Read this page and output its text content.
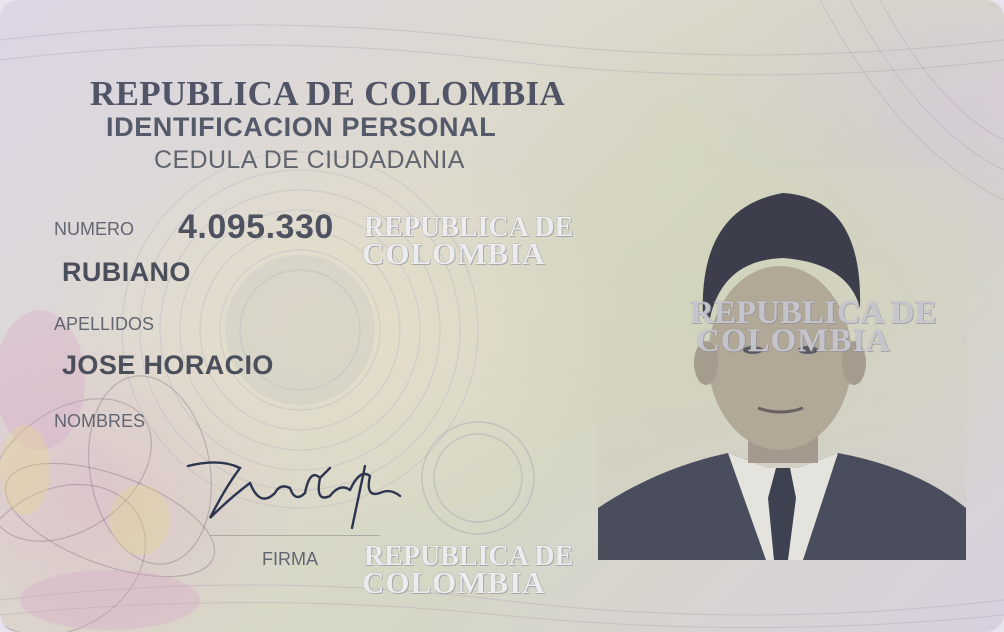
REPUBLICA DE COLOMBIA
IDENTIFICACION PERSONAL
CEDULA DE CIUDADANIA
NUMERO 4.095.330
RUBIANO
APELLIDOS
JOSE HORACIO
NOMBRES
FIRMA
REPUBLICA DE
COLOMBIA
REPUBLICA DE
COLOMBIA
REPUBLICA DE
COLOMBIA
